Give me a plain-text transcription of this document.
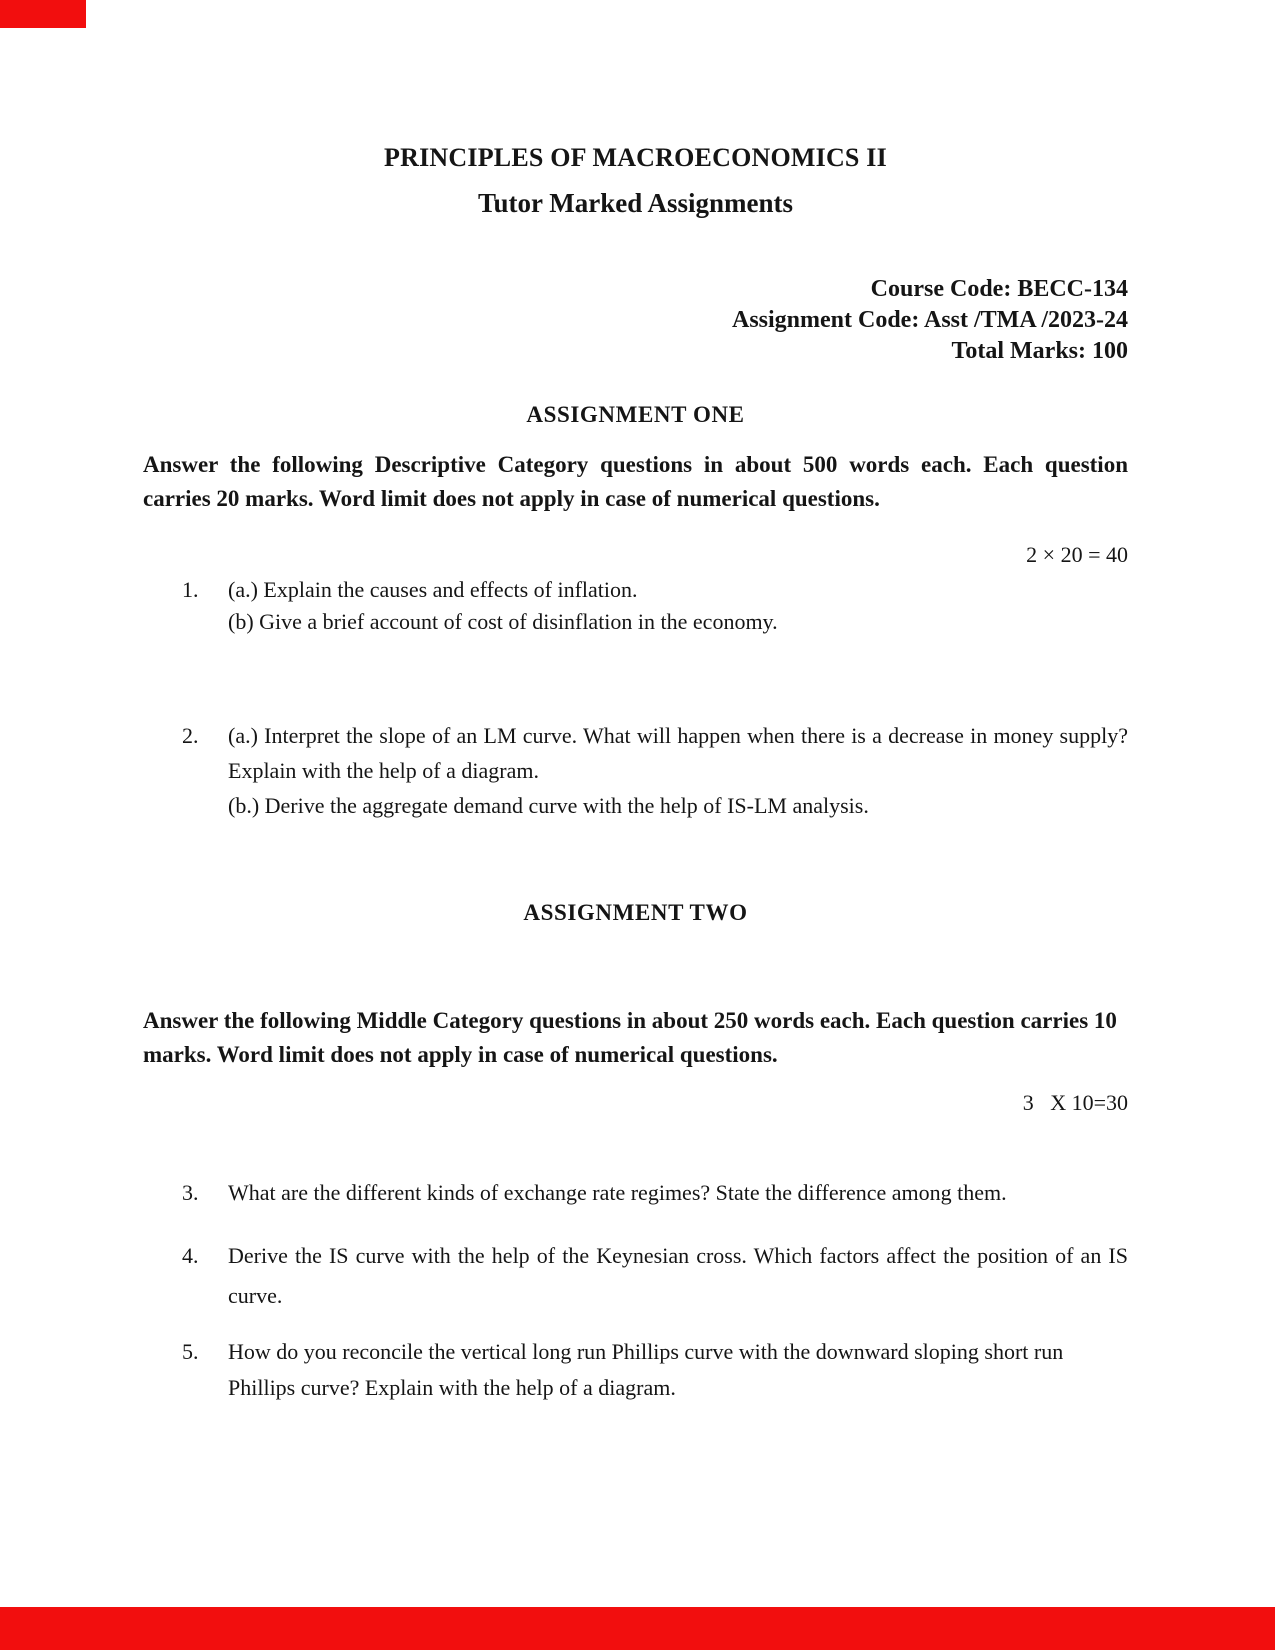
PRINCIPLES OF MACROECONOMICS II
Tutor Marked Assignments
Course Code: BECC-134
Assignment Code: Asst /TMA /2023-24
Total Marks: 100
ASSIGNMENT ONE

Answer the following Descriptive Category questions in about 500 words each. Each question carries 20 marks. Word limit does not apply in case of numerical questions.

2 × 20 = 40
1.	(a.) Explain the causes and effects of inflation.
(b) Give a brief account of cost of disinflation in the economy.
2.	(a.) Interpret the slope of an LM curve. What will happen when there is a decrease in money supply? Explain with the help of a diagram.
(b.) Derive the aggregate demand curve with the help of IS-LM analysis.
ASSIGNMENT TWO

Answer the following Middle Category questions in about 250 words each. Each question carries 10 marks. Word limit does not apply in case of numerical questions.

3   X 10=30
3.	What are the different kinds of exchange rate regimes? State the difference among them.
4.	Derive the IS curve with the help of the Keynesian cross. Which factors affect the position of an IS curve.
5.	How do you reconcile the vertical long run Phillips curve with the downward sloping short run Phillips curve? Explain with the help of a diagram.
